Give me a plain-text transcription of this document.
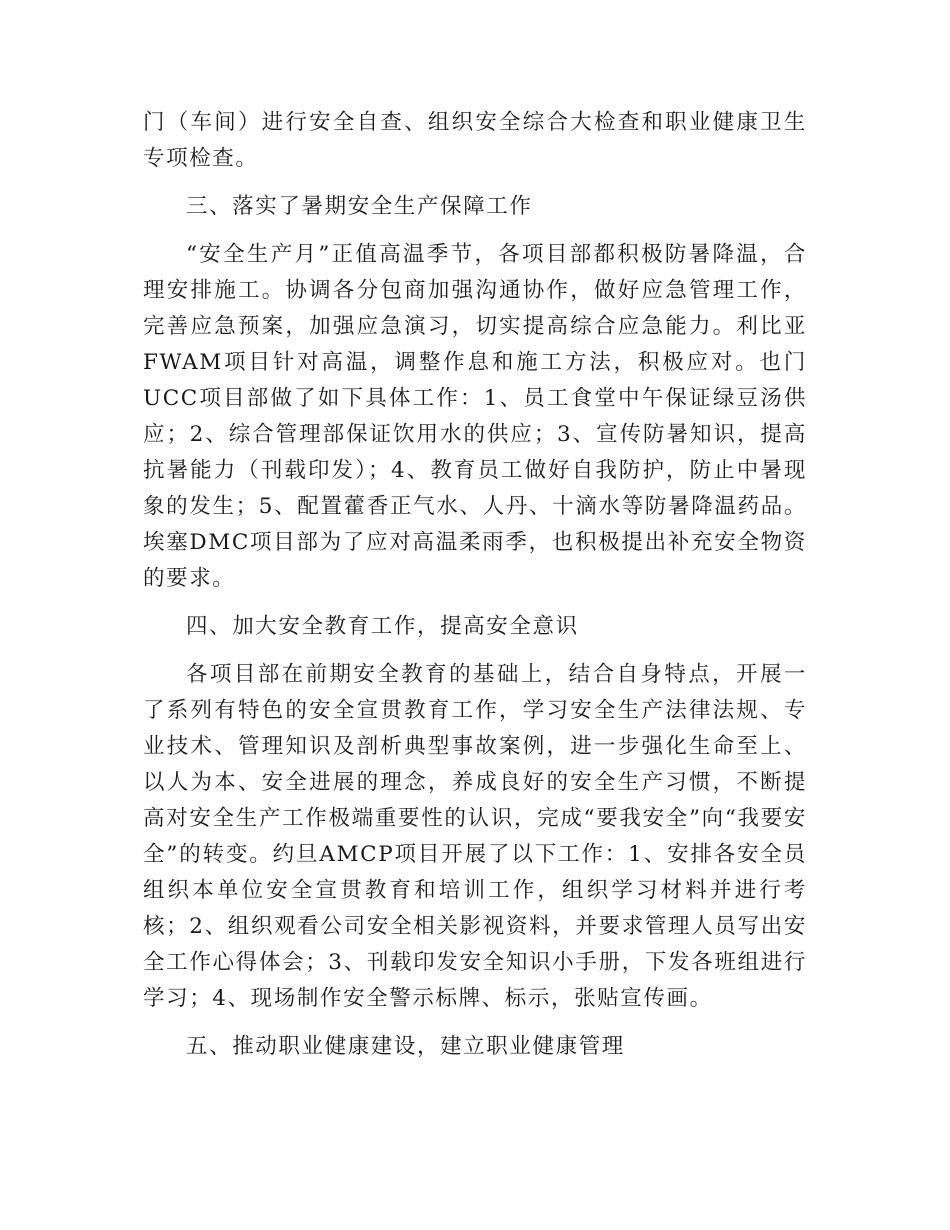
门（车间）进行安全自查、组织安全综合大检查和职业健康卫生专项检查。

三、落实了暑期安全生产保障工作

“安全生产月”正值高温季节，各项目部都积极防暑降温，合理安排施工。协调各分包商加强沟通协作，做好应急管理工作，完善应急预案，加强应急演习，切实提高综合应急能力。利比亚FWAM项目针对高温，调整作息和施工方法，积极应对。也门UCC项目部做了如下具体工作：1、员工食堂中午保证绿豆汤供应；2、综合管理部保证饮用水的供应；3、宣传防暑知识，提高抗暑能力（刊载印发）；4、教育员工做好自我防护，防止中暑现象的发生；5、配置藿香正气水、人丹、十滴水等防暑降温药品。埃塞DMC项目部为了应对高温柔雨季，也积极提出补充安全物资的要求。

四、加大安全教育工作，提高安全意识

各项目部在前期安全教育的基础上，结合自身特点，开展一了系列有特色的安全宣贯教育工作，学习安全生产法律法规、专业技术、管理知识及剖析典型事故案例，进一步强化生命至上、以人为本、安全进展的理念，养成良好的安全生产习惯，不断提高对安全生产工作极端重要性的认识，完成“要我安全”向“我要安全”的转变。约旦AMCP项目开展了以下工作：1、安排各安全员组织本单位安全宣贯教育和培训工作，组织学习材料并进行考核；2、组织观看公司安全相关影视资料，并要求管理人员写出安全工作心得体会；3、刊载印发安全知识小手册，下发各班组进行学习；4、现场制作安全警示标牌、标示，张贴宣传画。

五、推动职业健康建设，建立职业健康管理
